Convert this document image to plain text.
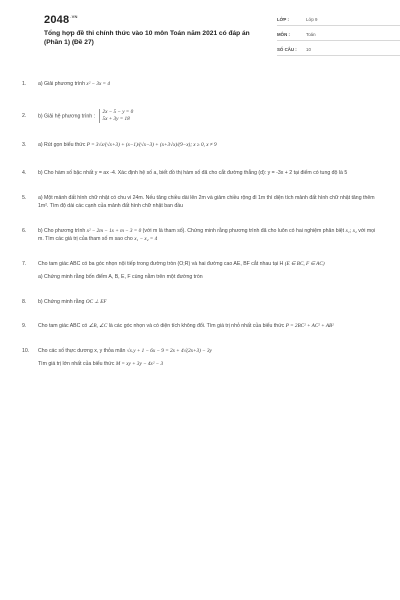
$2048^{.VN}$
Tổng hợp đề thi chính thức vào 10 môn Toán năm 2021 có đáp án (Phần 1) (Đề 27)
LỚP :	Lớp 9
MÔN :	Toán
SỐ CÂU : 10
1.	a) Giải phương trình x² − 3x = 4
2.	b) Giải hệ phương trình : 2x − 5 − y = 0
5x + 3y = 18
3.	a) Rút gọn biểu thức P = 3√x/(√x+3) + (x−1)/(√x−3) + (x+3√x)/(9−x); x ≥ 0, x ≠ 9
4.	b) Cho hàm số bậc nhất y = ax -4. Xác định hệ số a, biết đồ thị hàm số đã cho cắt đường thẳng (d): y = -3x + 2 tại điểm có tung độ là 5
5.	a) Một mảnh đất hình chữ nhật có chu vi 24m. Nếu tăng chiều dài lên 2m và giảm chiều rộng đi 1m thì diện tích mảnh đất hình chữ nhật tăng thêm 1m². Tìm độ dài các cạnh của mảnh đất hình chữ nhật ban đầu
6.	b) Cho phương trình x² − 2m − 1x + m − 3 = 0 (với m là tham số). Chứng minh rằng phương trình đã cho luôn có hai nghiệm phân biệt x₁; x₂ với mọi m. Tìm các giá trị của tham số m sao cho x₁ − x₂ = 4
7.	Cho tam giác ABC có ba góc nhọn nội tiếp trong đường tròn (O;R) và hai đường cao AE, BF cắt nhau tại H (E ∈ BC, F ∈ AC)
a) Chứng minh rằng bốn điểm A, B, E, F cùng nằm trên một đường tròn
8.	b) Chứng minh rằng OC ⊥ EF
9.	Cho tam giác ABC có ∠B, ∠C là các góc nhọn và có diện tích không đổi. Tìm giá trị nhỏ nhất của biểu thức P = 2BC² + AC² + AB²
10.	Cho các số thực dương x, y thỏa mãn √x.y + 1 − 6x − 9 = 2x + 4√(2x+3) − 3y
Tìm giá trị lớn nhất của biểu thức M = xy + 3y − 4x² − 3
